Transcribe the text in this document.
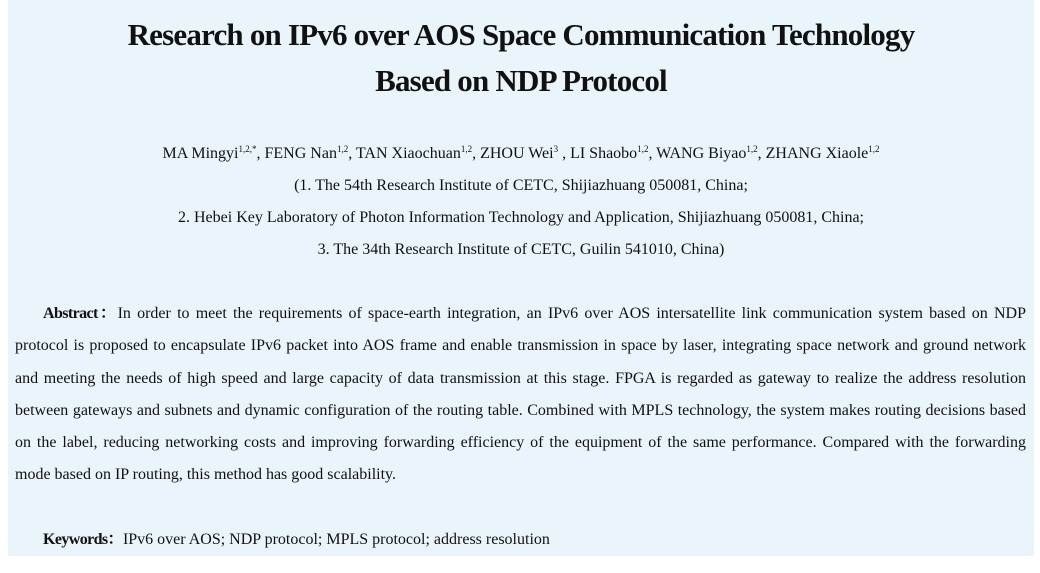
Research on IPv6 over AOS Space Communication Technology
Based on NDP Protocol
MA Mingyi$^{1,2,*}$, FENG Nan$^{1,2}$, TAN Xiaochuan$^{1,2}$, ZHOU Wei$^3$ , LI Shaobo$^{1,2}$, WANG Biyao$^{1,2}$, ZHANG Xiaole$^{1,2}$
(1. The 54th Research Institute of CETC, Shijiazhuang 050081, China;
2. Hebei Key Laboratory of Photon Information Technology and Application, Shijiazhuang 050081, China;
3. The 34th Research Institute of CETC, Guilin 541010, China)
Abstract：In order to meet the requirements of space-earth integration, an IPv6 over AOS intersatellite link communication system based on NDP protocol is proposed to encapsulate IPv6 packet into AOS frame and enable transmission in space by laser, integrating space network and ground network and meeting the needs of high speed and large capacity of data transmission at this stage. FPGA is regarded as gateway to realize the address resolution between gateways and subnets and dynamic configuration of the routing table. Combined with MPLS technology, the system makes routing decisions based on the label, reducing networking costs and improving forwarding efficiency of the equipment of the same performance. Compared with the forwarding mode based on IP routing, this method has good scalability.
Keywords：IPv6 over AOS; NDP protocol; MPLS protocol; address resolution
